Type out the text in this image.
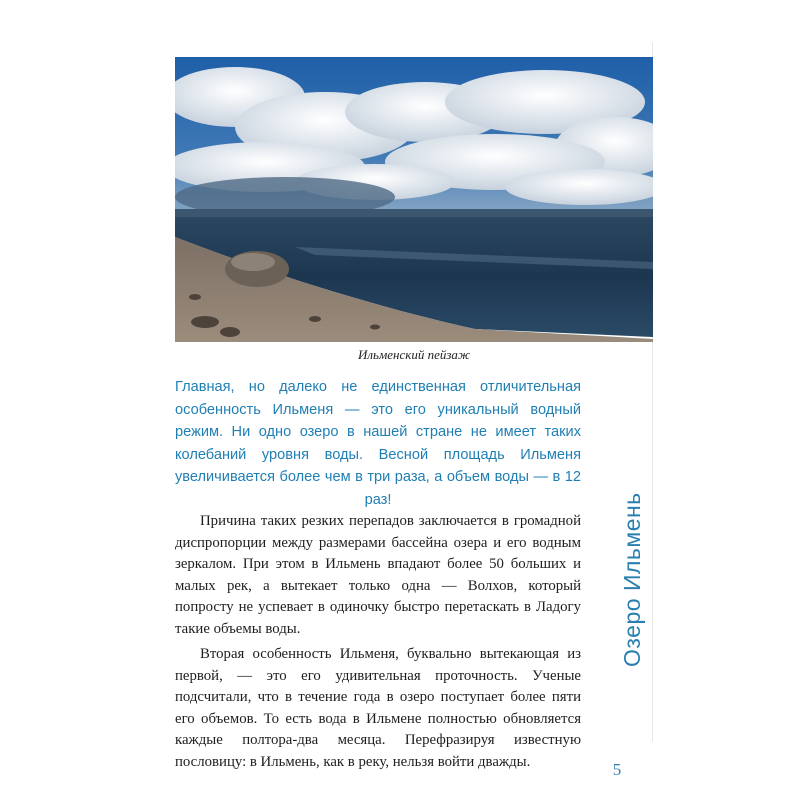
Ильменский пейзаж

Главная, но далеко не единственная отличительная особенность Ильменя — это его уникальный водный режим. Ни одно озеро в нашей стране не имеет таких колебаний уровня воды. Весной площадь Ильменя увеличивается более чем в три раза, а объем воды — в 12 раз!

Причина таких резких перепадов заключается в громадной диспропорции между размерами бассейна озера и его водным зеркалом. При этом в Ильмень впадают более 50 больших и малых рек, а вытекает только одна — Волхов, который попросту не успевает в одиночку быстро перетаскать в Ладогу такие объемы воды.

Вторая особенность Ильменя, буквально вытекающая из первой, — это его удивительная проточность. Ученые подсчитали, что в течение года в озеро поступает более пяти его объемов. То есть вода в Ильмене полностью обновляется каждые полтора-два месяца. Перефразируя известную пословицу: в Ильмень, как в реку, нельзя войти дважды.

Озеро Ильмень
5
